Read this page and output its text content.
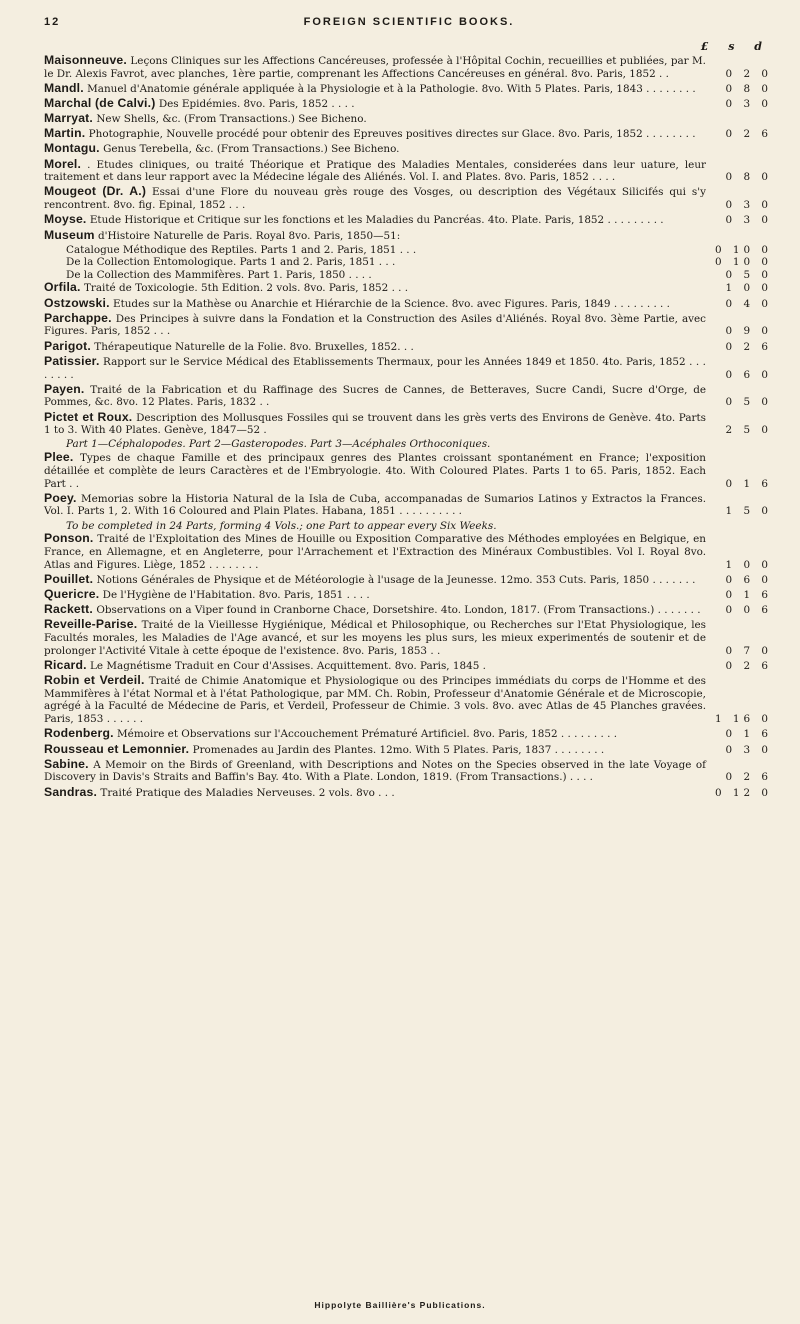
12	FOREIGN SCIENTIFIC BOOKS.
£ s d
Maisonneuve. Leçons Cliniques sur les Affections Cancéreuses, professée à l'Hôpital Cochin, recueillies et publiées, par M. le Dr. Alexis Favrot, avec planches, 1ère partie, comprenant les Affections Cancéreuses en général. 8vo. Paris, 1852 . .	0 2 0
Mandl. Manuel d'Anatomie générale appliquée à la Physiologie et à la Pathologie. 8vo. With 5 Plates. Paris, 1843 . . . . . . . .	0 8 0
Marchal (de Calvi.) Des Epidémies. 8vo. Paris, 1852 . . . .	0 3 0
Marryat. New Shells, &c. (From Transactions.) See Bicheno.
Martin. Photographie, Nouvelle procédé pour obtenir des Epreuves positives directes sur Glace. 8vo. Paris, 1852 . . . . . . . .	0 2 6
Montagu. Genus Terebella, &c. (From Transactions.) See Bicheno.
Morel. . Etudes cliniques, ou traité Théorique et Pratique des Maladies Mentales, considerées dans leur uature, leur traitement et dans leur rapport avec la Médecine légale des Aliénés. Vol. I. and Plates. 8vo. Paris, 1852 . . . .	0 8 0
Mougeot (Dr. A.) Essai d'une Flore du nouveau grès rouge des Vosges, ou description des Végétaux Silicifés qui s'y rencontrent. 8vo. fig. Epinal, 1852 . . .	0 3 0
Moyse. Etude Historique et Critique sur les fonctions et les Maladies du Pancréas. 4to. Plate. Paris, 1852 . . . . . . . . .	0 3 0
Museum d'Histoire Naturelle de Paris. Royal 8vo. Paris, 1850—51:
Catalogue Méthodique des Reptiles. Parts 1 and 2. Paris, 1851 . . .	0 10 0
De la Collection Entomologique. Parts 1 and 2. Paris, 1851 . . .	0 10 0
De la Collection des Mammifères. Part 1. Paris, 1850 . . . .	0 5 0
Orfila. Traité de Toxicologie. 5th Edition. 2 vols. 8vo. Paris, 1852 . . .	1 0 0
Ostzowski. Etudes sur la Mathèse ou Anarchie et Hiérarchie de la Science. 8vo. avec Figures. Paris, 1849 . . . . . . . . .	0 4 0
Parchappe. Des Principes à suivre dans la Fondation et la Construction des Asiles d'Aliénés. Royal 8vo. 3ème Partie, avec Figures. Paris, 1852 . . .	0 9 0
Parigot. Thérapeutique Naturelle de la Folie. 8vo. Bruxelles, 1852. . .	0 2 6
Patissier. Rapport sur le Service Médical des Etablissements Thermaux, pour les Années 1849 et 1850. 4to. Paris, 1852 . . . . . . . .	0 6 0
Payen. Traité de la Fabrication et du Raffinage des Sucres de Cannes, de Betteraves, Sucre Candi, Sucre d'Orge, de Pommes, &c. 8vo. 12 Plates. Paris, 1832 . .	0 5 0
Pictet et Roux. Description des Mollusques Fossiles qui se trouvent dans les grès verts des Environs de Genève. 4to. Parts 1 to 3. With 40 Plates. Genève, 1847—52 .	2 5 0
Part 1—Céphalopodes. Part 2—Gasteropodes. Part 3—Acéphales Orthoconiques.
Plee. Types de chaque Famille et des principaux genres des Plantes croissant spontanément en France; l'exposition détaillée et complète de leurs Caractères et de l'Embryologie. 4to. With Coloured Plates. Parts 1 to 65. Paris, 1852. Each Part . .	0 1 6
Poey. Memorias sobre la Historia Natural de la Isla de Cuba, accompanadas de Sumarios Latinos y Extractos la Frances. Vol. I. Parts 1, 2. With 16 Coloured and Plain Plates. Habana, 1851 . . . . . . . . . .	1 5 0
To be completed in 24 Parts, forming 4 Vols.; one Part to appear every Six Weeks.
Ponson. Traité de l'Exploitation des Mines de Houille ou Exposition Comparative des Méthodes employées en Belgique, en France, en Allemagne, et en Angleterre, pour l'Arrachement et l'Extraction des Minéraux Combustibles. Vol I. Royal 8vo. Atlas and Figures. Liège, 1852 . . . . . . . .	1 0 0
Pouillet. Notions Générales de Physique et de Météorologie à l'usage de la Jeunesse. 12mo. 353 Cuts. Paris, 1850 . . . . . . .	0 6 0
Quericre. De l'Hygiène de l'Habitation. 8vo. Paris, 1851 . . . .	0 1 6
Rackett. Observations on a Viper found in Cranborne Chace, Dorsetshire. 4to. London, 1817. (From Transactions.) . . . . . . .	0 0 6
Reveille-Parise. Traité de la Vieillesse Hygiénique, Médical et Philosophique, ou Recherches sur l'Etat Physiologique, les Facultés morales, les Maladies de l'Age avancé, et sur les moyens les plus surs, les mieux experimentés de soutenir et de prolonger l'Activité Vitale à cette époque de l'existence. 8vo. Paris, 1853 . .	0 7 0
Ricard. Le Magnétisme Traduit en Cour d'Assises. Acquittement. 8vo. Paris, 1845 .	0 2 6
Robin et Verdeil. Traité de Chimie Anatomique et Physiologique ou des Principes immédiats du corps de l'Homme et des Mammifères à l'état Normal et à l'état Pathologique, par MM. Ch. Robin, Professeur d'Anatomie Générale et de Microscopie, agrégé à la Faculté de Médecine de Paris, et Verdeil, Professeur de Chimie. 3 vols. 8vo. avec Atlas de 45 Planches gravées. Paris, 1853 . . . . . .	1 16 0
Rodenberg. Mémoire et Observations sur l'Accouchement Prématuré Artificiel. 8vo. Paris, 1852 . . . . . . . . .	0 1 6
Rousseau et Lemonnier. Promenades au Jardin des Plantes. 12mo. With 5 Plates. Paris, 1837 . . . . . . . .	0 3 0
Sabine. A Memoir on the Birds of Greenland, with Descriptions and Notes on the Species observed in the late Voyage of Discovery in Davis's Straits and Baffin's Bay. 4to. With a Plate. London, 1819. (From Transactions.) . . . .	0 2 6
Sandras. Traité Pratique des Maladies Nerveuses. 2 vols. 8vo . . .	0 12 0
Hippolyte Baillière's Publications.
